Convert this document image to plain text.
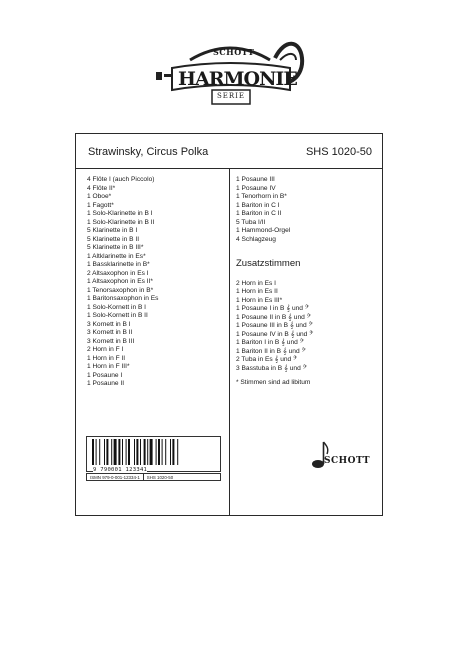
SCHOTT
HARMONIE
SERIE
Strawinsky, Circus Polka	SHS 1020-50
4 Flöte I (auch Piccolo)
4 Flöte II*
1 Oboe*
1 Fagott*
1 Solo-Klarinette in B I
1 Solo-Klarinette in B II
5 Klarinette in B I
5 Klarinette in B II
5 Klarinette in B III*
1 Altklarinette in Es*
1 Bassklarinette in B*
2 Altsaxophon in Es I
1 Altsaxophon in Es II*
1 Tenorsaxophon in B*
1 Baritonsaxophon in Es
1 Solo-Kornett in B I
1 Solo-Kornett in B II
3 Kornett in B I
3 Kornett in B II
3 Kornett in B III
2 Horn in F I
1 Horn in F II
1 Horn in F III*
1 Posaune I
1 Posaune II
1 Posaune III
1 Posaune IV
1 Tenorhorn in B*
1 Bariton in C I
1 Bariton in C II
5 Tuba I/II
1 Hammond-Orgel
4 Schlagzeug
Zusatzstimmen
2 Horn in Es I
1 Horn in Es II
1 Horn in Es III*
1 Posaune I in B 𝄞 und 𝄢
1 Posaune II in B 𝄞 und 𝄢
1 Posaune III in B 𝄞 und 𝄢
1 Posaune IV in B 𝄞 und 𝄢
1 Bariton I in B 𝄞 und 𝄢
1 Bariton II in B 𝄞 und 𝄢
2 Tuba in Es 𝄞 und 𝄢
3 Basstuba in B 𝄞 und 𝄢
* Stimmen sind ad libitum
9 790001 123341
ISMN 979-0-001-12334-1	SHS 1020-50
SCHOTT
